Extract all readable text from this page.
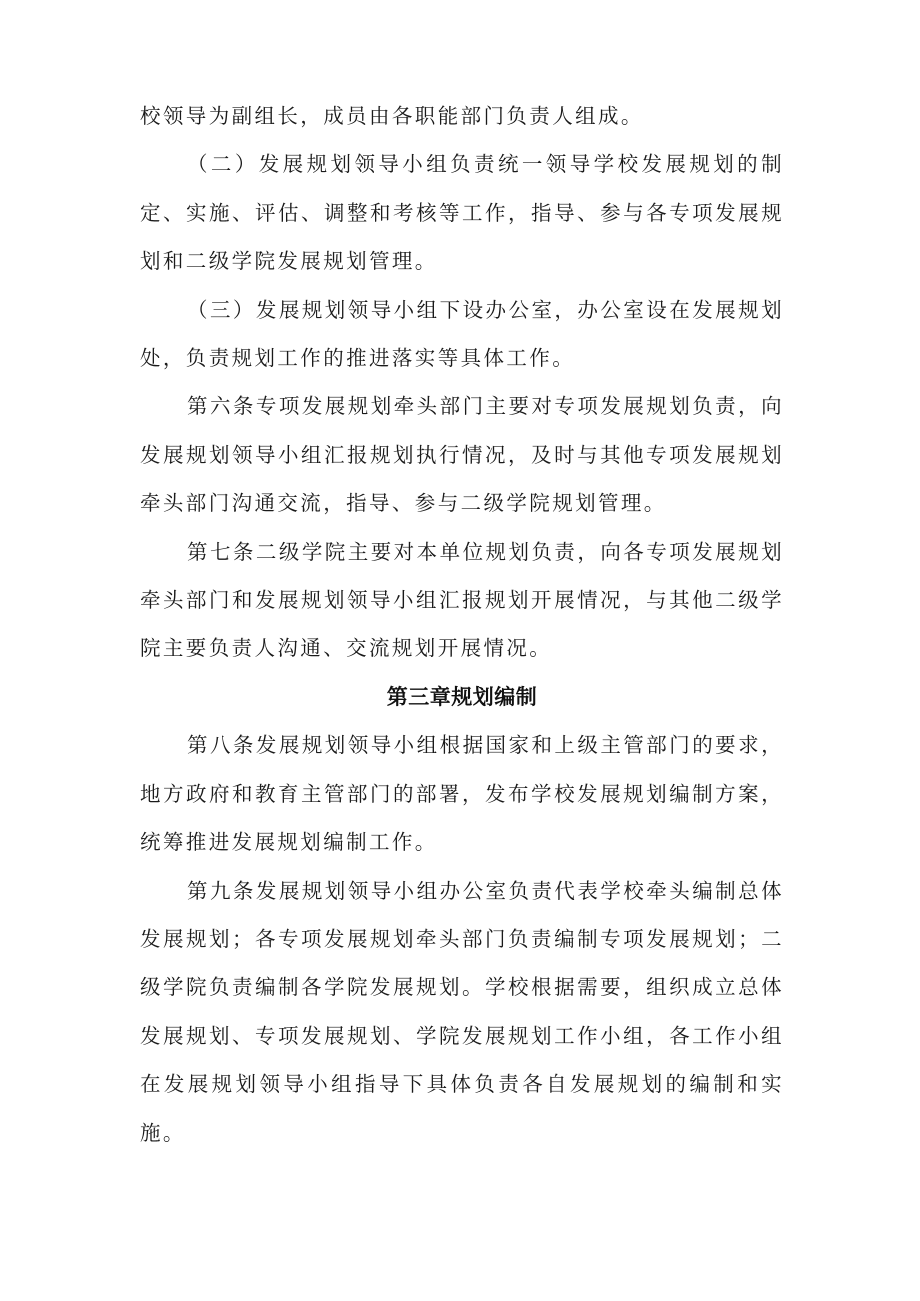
校领导为副组长，成员由各职能部门负责人组成。

（二）发展规划领导小组负责统一领导学校发展规划的制定、实施、评估、调整和考核等工作，指导、参与各专项发展规划和二级学院发展规划管理。

（三）发展规划领导小组下设办公室，办公室设在发展规划处，负责规划工作的推进落实等具体工作。

第六条专项发展规划牵头部门主要对专项发展规划负责，向发展规划领导小组汇报规划执行情况，及时与其他专项发展规划牵头部门沟通交流，指导、参与二级学院规划管理。

第七条二级学院主要对本单位规划负责，向各专项发展规划牵头部门和发展规划领导小组汇报规划开展情况，与其他二级学院主要负责人沟通、交流规划开展情况。

第三章规划编制

第八条发展规划领导小组根据国家和上级主管部门的要求，地方政府和教育主管部门的部署，发布学校发展规划编制方案，统筹推进发展规划编制工作。

第九条发展规划领导小组办公室负责代表学校牵头编制总体发展规划；各专项发展规划牵头部门负责编制专项发展规划；二级学院负责编制各学院发展规划。学校根据需要，组织成立总体发展规划、专项发展规划、学院发展规划工作小组，各工作小组在发展规划领导小组指导下具体负责各自发展规划的编制和实施。
